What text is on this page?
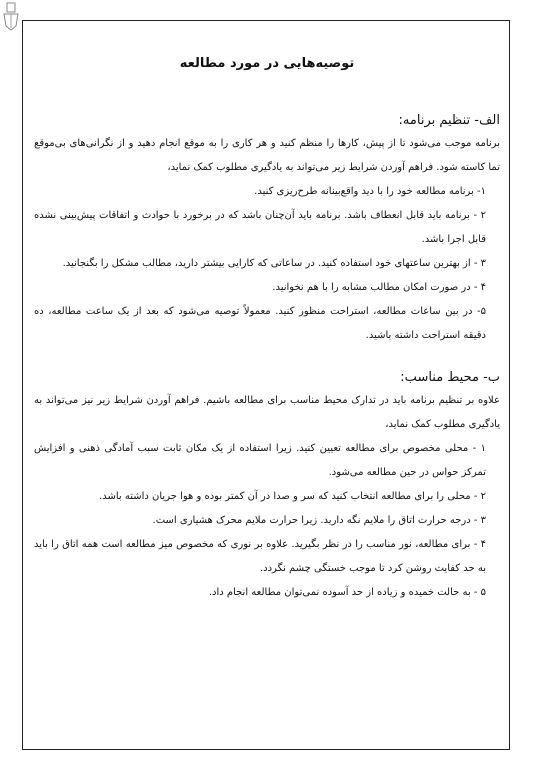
توصیه‌هایی در مورد مطالعه
الف- تنظیم برنامه:

برنامه موجب می‌شود تا از پیش، کارها را منظم کنید و هر کاری را به موقع انجام دهید و از نگرانی‌های بی‌موقع تما کاسته شود. فراهم آوردن شرایط زیر می‌تواند به یادگیری مطلوب کمک نماید،

۱- برنامه مطالعه خود را با دید واقع‌بینانه طرح‌ریزی کنید.

۲ - برنامه باید قابل انعطاف باشد. برنامه باید آن‌چنان باشد که در برخورد با حوادث و اتفاقات پیش‌بینی نشده قابل اجرا باشد.

۳ - از بهترین ساعتهای خود استفاده کنید. در ساعاتی که کارایی بیشتر دارید، مطالب مشکل را بگنجانید.

۴ - در صورت امکان مطالب مشابه را با هم نخوانید.

۵- در بین ساعات مطالعه، استراحت منظور کنید. معمولاً توصیه می‌شود که بعد از یک ساعت مطالعه، ده دقیقه استراحت داشته باشید.

ب- محیط مناسب:

علاوه بر تنظیم برنامه باید در تدارک محیط مناسب برای مطالعه باشیم. فراهم آوردن شرایط زیر نیز می‌تواند به یادگیری مطلوب کمک نماید،

۱ - محلی مخصوص برای مطالعه تعیین کنید. زیرا استفاده از یک مکان ثابت سبب آمادگی ذهنی و افزایش تمرکز حواس در حین مطالعه می‌شود.

۲ - محلی را برای مطالعه انتخاب کنید که سر و صدا در آن کمتر بوده و هوا جریان داشته باشد.

۳ - درجه حرارت اتاق را ملایم نگه دارید. زیرا حرارت ملایم محرک هشیاری است.

۴ - برای مطالعه، نور مناسب را در نظر بگیرید. علاوه بر نوری که مخصوص میز مطالعه است همه اتاق را باید به حد کفایت روشن کرد تا موجب خستگی چشم نگردد.

۵ - به حالت خمیده و زیاده از حد آسوده نمی‌توان مطالعه انجام داد.
